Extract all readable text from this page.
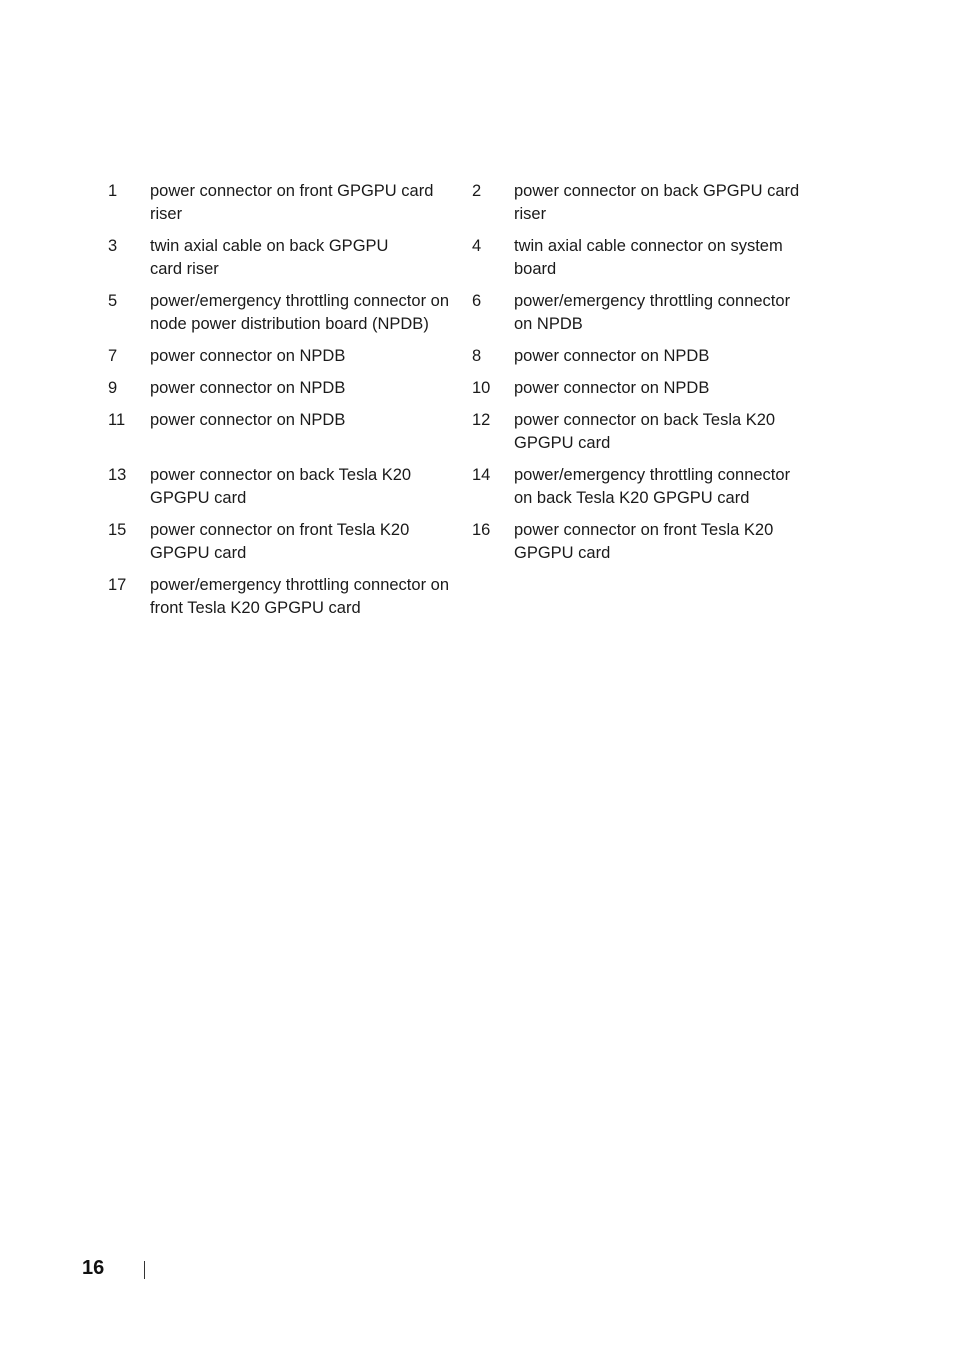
1	power connector on front GPGPU card riser	2	power connector on back GPGPU card riser

3	twin axial cable on back GPGPU card riser	4	twin axial cable connector on system board

5	power/emergency throttling connector on node power distribution board (NPDB)	6	power/emergency throttling connector on NPDB

7	power connector on NPDB	8	power connector on NPDB

9	power connector on NPDB	10	power connector on NPDB

11	power connector on NPDB	12	power connector on back Tesla K20 GPGPU card

13	power connector on back Tesla K20 GPGPU card	14	power/emergency throttling connector on back Tesla K20 GPGPU card

15	power connector on front Tesla K20 GPGPU card	16	power connector on front Tesla K20 GPGPU card

17	power/emergency throttling connector on front Tesla K20 GPGPU card		

16
